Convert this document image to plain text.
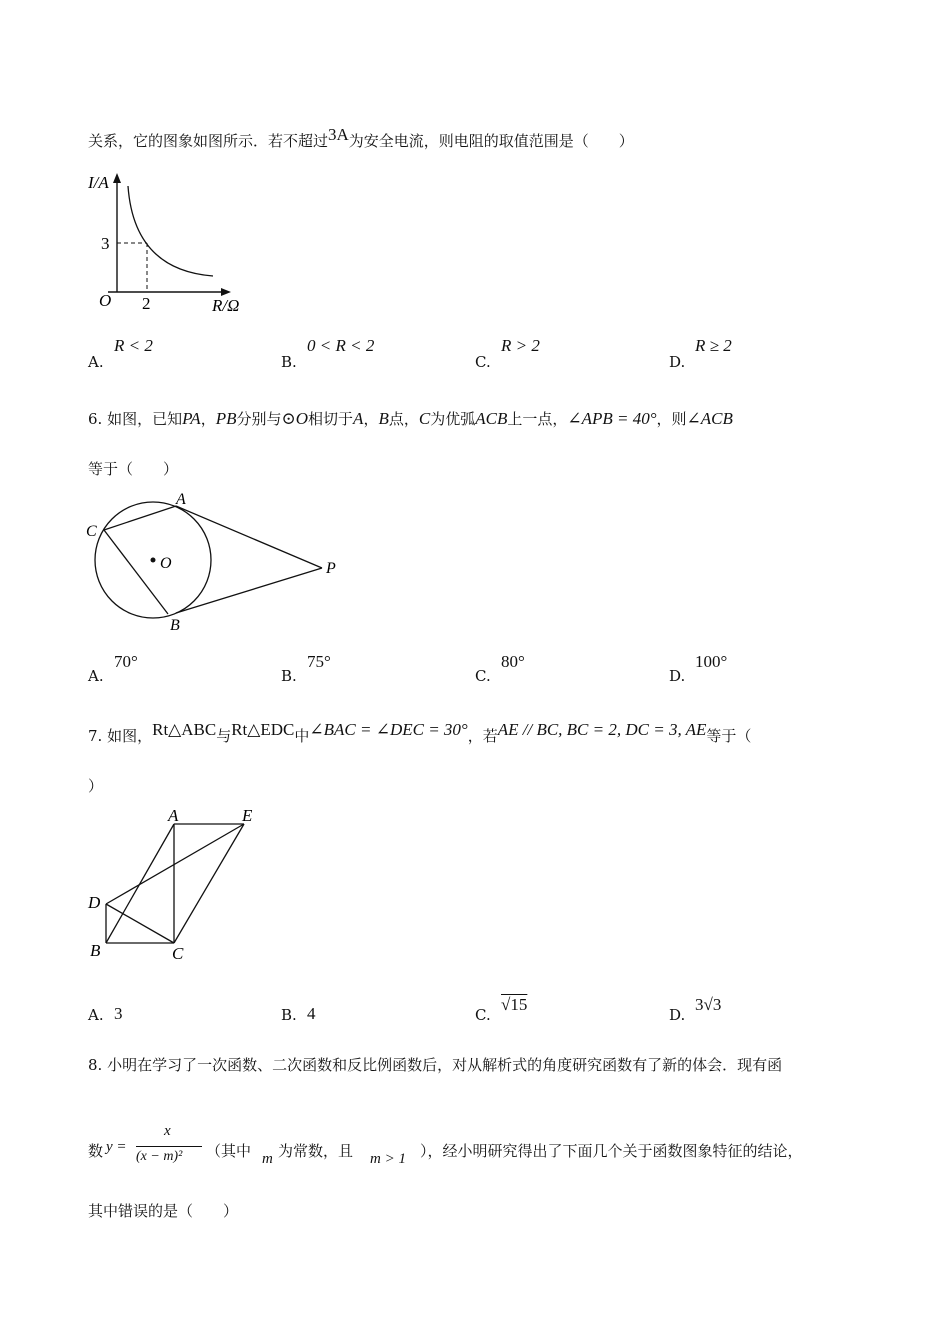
关系，它的图象如图所示．若不超过3A为安全电流，则电阻的取值范围是（　　）
I/A
R/Ω
O
3
2
A.
R < 2
B.
0 < R < 2
C.
R > 2
D.
R ≥ 2
6. 如图，已知PA，PB分别与⊙O相切于A，B点，C为优弧ACB上一点，∠APB = 40°，则∠ACB
等于（　　）
A
B
C
O	P
A.
70°
B.
75°
C.
80°
D.
100°
7. 如图，Rt△ABC与Rt△EDC中∠BAC = ∠DEC = 30°，若AE // BC, BC = 2, DC = 3, AE等于（
）
A	E
D
B	C
A. 3	B. 4	C.
√15
D.
3√3
8. 小明在学习了一次函数、二次函数和反比例函数后，对从解析式的角度研究函数有了新的体会．现有函
数 y =
x
(x − m)² （其中 m 为常数，且 m > 1 ），经小明研究得出了下面几个关于函数图象特征的结论，
其中错误的是（　　）
